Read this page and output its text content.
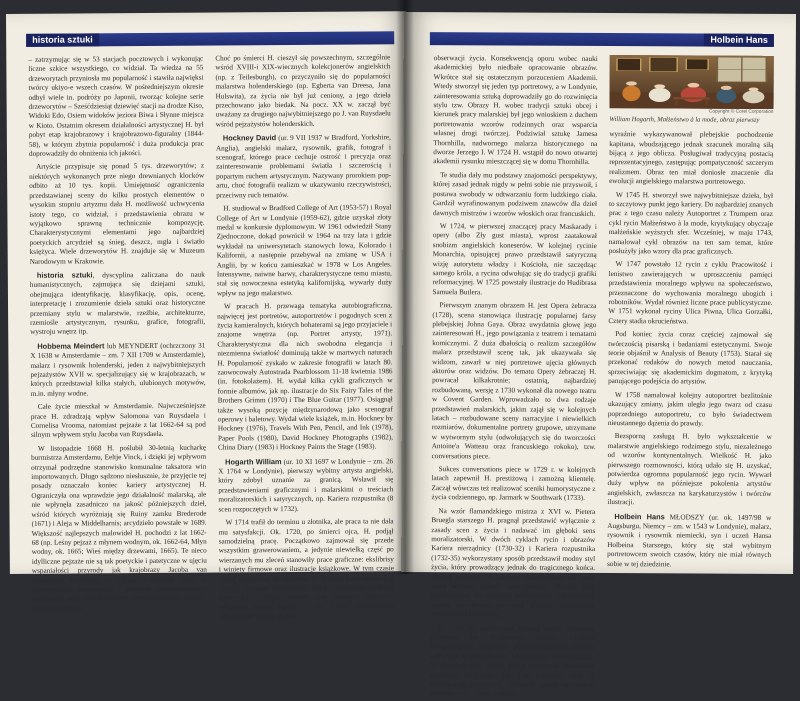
historia sztuki

– zatrzymując się w 53 stacjach pocztowych i wykonując liczne szkice wszystkiego, co widział. Ta wiedza na 55 drzeworytach przyniosła mu popularność i stawiła najwięksi twórcy ukiyo-e wszech czasów. W pośredniejszym okresie odbył wiele in. podróży po Japonii, tworząc kolejne serie drzeworytów – Sześćdziesiąt dziewięć stacji na drodze Kiso, Widoki Edo, Osiem widoków jeziora Biwa i Słynne miejsca w Kioto. Ostatnim okresem działalności artystycznej H. był pobyt etap krajobrazowy i krajobrazowo-figuralny (1844-58), w którym zbytnia popularność i duża produkcja prac doprowadziły do obniżenia ich jakości.

Artyście przypisuje się ponad 5 tys. drzeworytów; z niektórych wykonanych prze niego drewnianych klocków odbito aż 10 tys. kopii. Umiejętność ograniczenia przedstawianej sceny do kilku prostych elementów o wysokim stopniu artyzmu dała H. możliwość uchwycenia istoty tego, co widział, i przedstawienia obrazu w wyjątkowo sprawną technicznie kompozycję. Charakterystycznymi elementami jego najbardziej poetyckich arcydzieł są śnieg, deszcz, mgła i światło księżyca. Wiele drzeworytów H. znajduje się w Muzeum Narodowym w Krakowie.

historia sztuki, dyscyplina zaliczana do nauk humanistycznych, zajmująca się dziejami sztuki, obejmująca identyfikację, klasyfikację, opis, ocenę, interpretację i zrozumienie dzieła sztuki oraz historyczne przemiany stylu w malarstwie, rzeźbie, architekturze, rzemiośle artystycznym, rysunku, grafice, fotografii, wystroju wnętrz itp.

Hobbema Meindert lub MEYNDERT (ochrzczony 31 X 1638 w Amsterdamie – zm. 7 XII 1709 w Amsterdamie), malarz i rysownik holenderski, jeden z najwybitniejszych pejzażystów XVII w. specjalizujący się w krajobrazach, w których przedstawiał kilka stałych, ulubionych motywów, m.in. młyny wodne.

Całe życie mieszkał w Amsterdamie. Najwcześniejsze prace H. zdradzają wpływ Salomona van Ruysdaela i Cornelisa Vrooma, natomiast pejzaże z lat 1662-64 są pod silnym wpływem stylu Jacoba van Ruysdaela.

W listopadzie 1668 H. poślubił 30-letnią kucharkę burmistrza Amsterdamu, Eeltje Vinck, i dzięki jej wpływom otrzymał podrzędne stanowisko komunalne taksatora win importowanych. Długo sądzono niesłusznie, że przyjęcie tej posady oznaczało koniec kariery artystycznej H. Ograniczyła ona wprawdzie jego działalność malarską, ale nie wpłynęła zasadniczo na jakość późniejszych dzieł, wśród których wyróżniają się Ruiny zamku Brederode (1671) i Aleja w Middelharnis; arcydzieło powstałe w 1689. Większość najlepszych malowideł H. pochodzi z lat 1662-68 (np. Leśny pejzaż z młynem wodnym, ok. 1662-64, Młyn wodny, ok. 1665; Wieś między drzewami, 1665). Te nieco idylliczne pejzaże nie są tak poetyckie i patetyczne w ujęciu wspaniałości przyrody jak krajobrazy Jacoba van Ruysdaela; dorównują im jednak, a niekiedy nawet je przewyższają, starannością i swobodą zakomponowania przestrzeni oraz zróżnicowanym przedstawieniem efektów atmosferycznych.

Choć po śmierci H. cieszył się powszechnym, szczególnie wśród XVIII-i XIX-wiecznych kolekcjonerów angielskich (np. z Teilesburgh), co przyczyniło się do popularności malarstwa holenderskiego (np. Egberta van Dreesa, Jana Hulswita), za życia nie był już ceniony, a jego dzieła przechowano jako biedak. Na pocz. XX w. zaczął być uważany za drugiego najwybitniejszego po J. van Ruysdaelu wśród pejzażystów holenderskich.

Hockney David (ur. 9 VII 1937 w Bradford, Yorkshire, Anglia), angielski malarz, rysownik, grafik, fotograf i scenograf, którego prace cechuje ostrość i precyzja oraz zainteresowanie problemami światła i szczerością i popartym ruchem artystycznym. Nazywany prorokiem pop-artu, choć fotografii realizm w ukazywaniu rzeczywistości, przeciwny ruch tematów.

H. studiował w Bradford College of Art (1953-57) i Royal College of Art w Londynie (1959-62), gdzie uzyskał złoty medal w konkursie dyplomowym. W 1961 odwiedził Stany Zjednoczone, dokąd powrócił w 1964 na trzy lata i gdzie wykładał na uniwersytetach stanowych Iowa, Kolorado i Kalifornii, a następnie przebywał na zmianę w USA i Anglii, by w końcu zamieszkać w 1978 w Los Angeles. Intensywne, naiwne barwy, charakterystyczne temu miastu, stał się nowoczesna estetyką kalifornijską, wywarły duży wpływ na jego malarstwo.

W pracach H. przewaga tematyka autobiograficzna, najwięcej jest portretów, autoportretów i pogodnych scen z życia kamieralnych, których bohaterami są jego przyjaciele i znajome wnętrza (np. Portret artysty, 1971). Charakterystyczna dla nich swobodna elegancja i niezmienna światłość dominują także w martwych naturach H. Popularność zyskało w zakresie fotografii w latach 80. zaowocowały Autostrada Pearblossom 11-18 kwietnia 1986 (in. fotokolażem). H. wydał kilka cykli graficznych w formie albumów, jak np. ilustracje do Six Fairy Tales of the Brothers Grimm (1970) i The Blue Guitar (1977). Osiągnął także wysoką pozycję międzynarodową jako scenograf operowy i baletowy. Wydał wiele książek, m.in. Hockney by Hockney (1976), Travels With Pen, Pencil, and Ink (1978), Paper Pools (1980), David Hockney Photographs (1982), China Diary (1983) i Hockney Paints the Stage (1983).

Hogarth William (ur. 10 XI 1697 w Londynie – zm. 26 X 1764 w Londynie), pierwszy wybitny artysta angielski, który zdobył uznanie za granicą. Wsławił się przedstawieniami graficznymi i malarskimi o treściach moralizatorskich i satyrycznych, np. Kariera rozpustnika (8 scen rozpoczętych w 1732).

W 1714 trafił do terminu u złotnika, ale praca ta nie dała mu satysfakcji. Ok. 1720, po śmierci ojca, H. podjął samodzielną pracę. Początkowo zajmował się przede wszystkim grawerowaniem, a jedynie niewielką część po wierzanych mu zleceń stanowiły prace graficzne: ekslibrisy i winiety firmowe oraz ilustracje książkowe. W tym czasie zaczął uczęszczać do Akademii St. Martin's Lane kształcącej wraz z Jamesem Thornhillem, który – kopiował akademię Francuską – kopię wiarnie prac dawnych mistrzów, odkrywał sporo starych i na koniec idealistyczne odtwarzanie natury, co nie.

Holbein Hans

obserwacji życia. Konsekwencją oporu wobec nauki akademickiej było niedbałe opracowanie obrazów. Wkrótce stał się ostatecznym porzuceniem Akademii. Wtedy stworzył się jeden typ portretowy, a w Londynie, zainteresowania sztuką doprowadziły go do rozwinięcia stylu tzw. Obrazy H. wobec tradycji sztuki obcej i kierunek pracy malarskiej był jego wnioskiem z duchem portretowania wzorów rodzinnych oraz wsparcia własnej drogi twórczej. Podziwiał sztukę Jamesa Thornhilla, nadwornego malarza historycznego na dworze Jerzego I. W 1724 H. wstąpił do nowo otwartej akademii rysunku mieszczącej się w domu Thornhilla.

Te studia dały mu podstawy znajomości perspektywy, której zasad jednak nigdy w pełni sobie nie przyswoił, i postawa swobody w odtwarzaniu form ludzkiego ciała. Gardził wyrafinowanym podziwem znawców dla dzieł dawnych mistrzów i wzorów włoskich oraz francuskich.

W 1724, w pierwszej znaczącej pracy Maskarady i opery (albo Zły gust miasta), wprost zaatakował snobizm angielskich koneserów. W kolejnej rycinie Monarchia, opisującej prawo przedstawił satyryczną wizję autorytetu władzy i Kościoła, nie szczędząc samego króla, a rycina odwołując się do tradycji grafiki reformacyjnej. W 1725 powstały ilustracje do Hudibrasa Samuela Butlera.

Pierwszym znanym obrazem H. jest Opera żebracza (1728), scena stanowiąca ilustrację popularnej farsy plebejskiej Johna Gaya. Obraz uwydatnia głowę jego zainteresowań H., jego powiązania z teatrem i tematami komicznymi. Z duża dbałością o realizm szczegółów malarz przedstawił scenę tak, jak ukazywała się widzom, zawarł w niej portretowe ujęcia głównych aktorów oraz widzów. Do tematu Opery żebraczej H. powracał kilkakrotnie; ostatnią, najbardziej rozbudowaną, wersję z 1730 wykonał dla nowego teatru w Covent Garden. Wprowadzało to dwa rodzaje przedstawień malarskich, jakim zajął się w kolejnych latach – rozbudowane sceny narracyjne i niewielkich rozmiarów, dokumentalne portrety grupowe, utrzymane w wytwornym stylu (odwołujących się do tworczości Antoine'a Watteau oraz francuskiego rokoko), tzw. conversations piece.

Sukces conversations piece w 1729 r. w kolejnych latach zapewnił H. prestiżową i zamożną klientelę. Zaczął wówczas też realizować sceniki humorystyczne z życia codziennego, np. Jarmark w Southwark (1733).

Na wzór flamandzkiego mistrza z XVI w. Pietera Bruegla starszego H. pragnął przedstawić wyłącznie z zasady scen z życia i nadawać im głęboki sens moralizatorski. W dwóch cyklach rycin i obrazów Kariera nierządnicy (1730-32) i Kariera rozpustnika (1732-35) wykorzystany sposób przedstawił modny styl życia, który prowadzący jednak do tragicznego końca. Wykpił rozpustę i świadomie społeczeństwo, ale także nadał scenom głęboki sens moralny. Ryciny były przeznaczone dla szerokiej publiczności; ich zawrotny sukces natychmiast przyniósł artyście niezależność artystyczną i finansową.

W 1735 H. udekorował główną klatkę schodową przytułku św. Bartłomieja dwiema wielkimi kompozycjami religijnymi przedstawiającymi Historię sadzawki w Betesda oraz Miłosiernego Samarytanina. W obrazach tych malarz podjął wyzwanie odnowienia malarstwa religijnego. Ok. 1740 ponownie zajął się twórczością portretową. Malował przede wszystkim portrety osób z klasy średniej.

Copyright © Corel Corporation
William Hogarth, Małżeństwo à la mode, obraz pierwszy

wyraźnie wykazywanował plebejskie pochodzenie kapitana, wbudzającego jednak szacunek moralną siłą bijącą z jego oblicza. Posługiwał tradycyjną postacią reprezentacyjnego, zastępując pompatyczność szczerym realizmem. Obraz ten miał doniosłe znaczenie dla ewolucji angielskiego malarstwa portretowego.

W 1745 H. stworzył swe najwybitniejsze dzieła, był to szczytowy punkt jego kariery. Do najbardziej znanych prac z tego czasu należy Autoportret z Trumpem oraz cykl rycin Małżeństwo à la mode, krytykujący obyczaje małżeńskie wyższych sfer. Wcześniej, w maju 1743, namalował cykl obrazów na ten sam temat, które posłużyły jako wzory dla prac graficznych.

W 1747 powstało 12 rycin z cyklu Pracowitość i lenistwo zawierających w uproszczeniu pamięci przedstawienia moralnego wpływu na społeczeństwo, przeznaczone do wychowania moralnego ubogich i robotników. Wydał również liczne prace publicystyczne. W 1751 wykonał ryciny Ulica Piwna, Ulica Gorzałki, Cztery stadia okrucieństwa.

Pod koniec życia coraz częściej zajmował się twórczością pisarską i badaniami estetycznymi. Swoje teorie objaśnił w Analysis of Beauty (1753). Starał się przekonać rodaków do nowych metod nauczania, sprzeciwiając się akademickim dogmatom, z krytyką panującego podejścia do artystów.

W 1758 namalował kolejny autoportret bezlitośnie ukazujący zmiany, jakim uległa jego twarz od czasu poprzedniego autoportretu, co było świadectwem nieustannego dążenia do prawdy.

Bezsporną zasługą H. było wykształcenie w malarstwie angielskiego rodzimego stylu, niezależnego od wzorów kontynentalnych. Wielkość H. jako pierwszego rozmowności, którą udało się H. uzyskać, potwierdza ogromna popularność jego rycin. Wywarł duży wpływ na późniejsze pokolenia artystów angielskich, zwłaszcza na karykaturzystów i twórców ilustracji.

Holbein Hans MŁODSZY (ur. ok. 1497/98 w Augsburgu, Niemcy – zm. w 1543 w Londynie), malarz, rysownik i rysownik niemiecki, syn i uczeń Hansa Holbeina Starszego, który się stał wybitnym portretowcem swoich czasów, który nie miał równych sobie w tej dziedzinie.
